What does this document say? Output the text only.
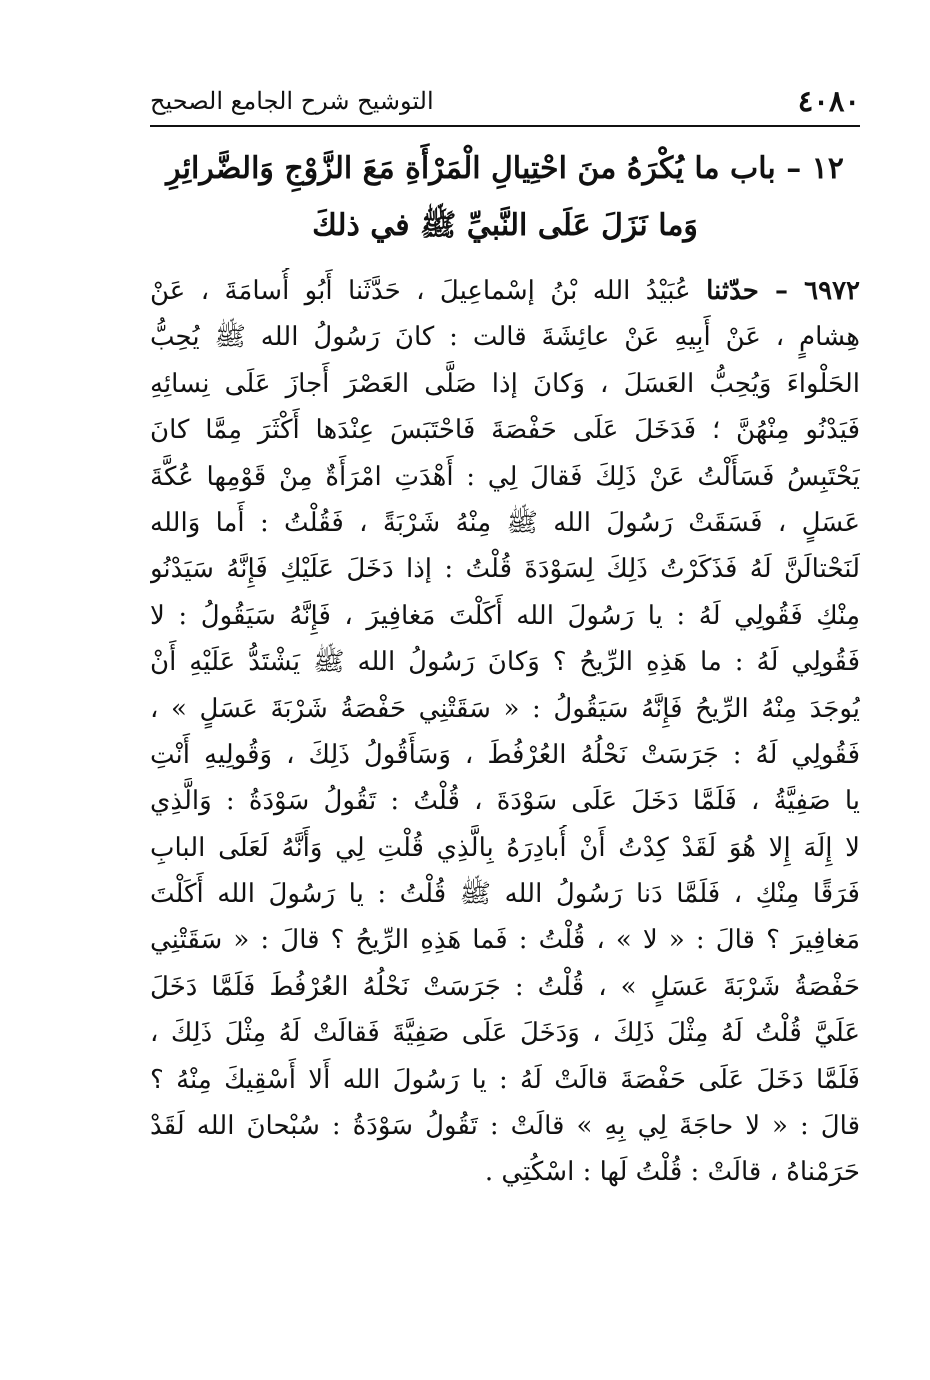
٤٠٨٠
التوشيح شرح الجامع الصحيح
١٢ – باب ما يُكْرَهُ منَ احْتِيالِ الْمَرْأَةِ مَعَ الزَّوْجِ وَالضَّرائِرِ
وَما نَزَلَ عَلَى النَّبيِّ ﷺ في ذلكَ
٦٩٧٢ – حدّثنا عُبَيْدُ الله بْنُ إسْماعِيلَ ، حَدَّثَنا أَبُو أُسامَةَ ، عَنْ
هِشامٍ ، عَنْ أَبِيهِ عَنْ عائِشَةَ قالت : كانَ رَسُولُ الله ﷺ يُحِبُّ
الحَلْواءَ وَيُحِبُّ العَسَلَ ، وَكانَ إذا صَلَّى العَصْرَ أَجازَ عَلَى نِسائِهِ
فَيَدْنُو مِنْهُنَّ ؛ فَدَخَلَ عَلَى حَفْصَةَ فَاحْتَبَسَ عِنْدَها أَكْثَرَ مِمَّا كانَ
يَحْتَبِسُ فَسَأَلْتُ عَنْ ذَلِكَ فَقالَ لِي : أَهْدَتِ امْرَأَةٌ مِنْ قَوْمِها عُكَّةَ
عَسَلٍ ، فَسَقَتْ رَسُولَ الله ﷺ مِنْهُ شَرْبَةً ، فَقُلْتُ : أَما وَالله
لَنَحْتالَنَّ لَهُ فَذَكَرْتُ ذَلِكَ لِسَوْدَةَ قُلْتُ : إذا دَخَلَ عَلَيْكِ فَإِنَّهُ سَيَدْنُو
مِنْكِ فَقُولِي لَهُ : يا رَسُولَ الله أَكَلْتَ مَغافِيرَ ، فَإِنَّهُ سَيَقُولُ : لا
فَقُولِي لَهُ : ما هَذِهِ الرِّيحُ ؟ وَكانَ رَسُولُ الله ﷺ يَشْتَدُّ عَلَيْهِ أَنْ
يُوجَدَ مِنْهُ الرِّيحُ فَإِنَّهُ سَيَقُولُ : « سَقَتْنِي حَفْصَةُ شَرْبَةَ عَسَلٍ » ،
فَقُولِي لَهُ : جَرَسَتْ نَحْلُهُ العُرْفُطَ ، وَسَأَقُولُ ذَلِكَ ، وَقُولِيهِ أَنْتِ
يا صَفِيَّةُ ، فَلَمَّا دَخَلَ عَلَى سَوْدَةَ ، قُلْتُ : تَقُولُ سَوْدَةُ : وَالَّذِي
لا إِلَهَ إِلا هُوَ لَقَدْ كِدْتُ أَنْ أُبادِرَهُ بِالَّذِي قُلْتِ لِي وَأَنَّهُ لَعَلَى البابِ
فَرَقًا مِنْكِ ، فَلَمَّا دَنا رَسُولُ الله ﷺ قُلْتُ : يا رَسُولَ الله أَكَلْتَ
مَغافِيرَ ؟ قالَ : « لا » ، قُلْتُ : فَما هَذِهِ الرِّيحُ ؟ قالَ : « سَقَتْنِي
حَفْصَةُ شَرْبَةَ عَسَلٍ » ، قُلْتُ : جَرَسَتْ نَحْلُهُ العُرْفُطَ فَلَمَّا دَخَلَ
عَلَيَّ قُلْتُ لَهُ مِثْلَ ذَلِكَ ، وَدَخَلَ عَلَى صَفِيَّةَ فَقالَتْ لَهُ مِثْلَ ذَلِكَ ،
فَلَمَّا دَخَلَ عَلَى حَفْصَةَ قالَتْ لَهُ : يا رَسُولَ الله أَلا أَسْقِيكَ مِنْهُ ؟
قالَ : « لا حاجَةَ لِي بِهِ » قالَتْ : تَقُولُ سَوْدَةُ : سُبْحانَ الله لَقَدْ
حَرَمْناهُ ، قالَتْ : قُلْتُ لَها : اسْكُتِي .
